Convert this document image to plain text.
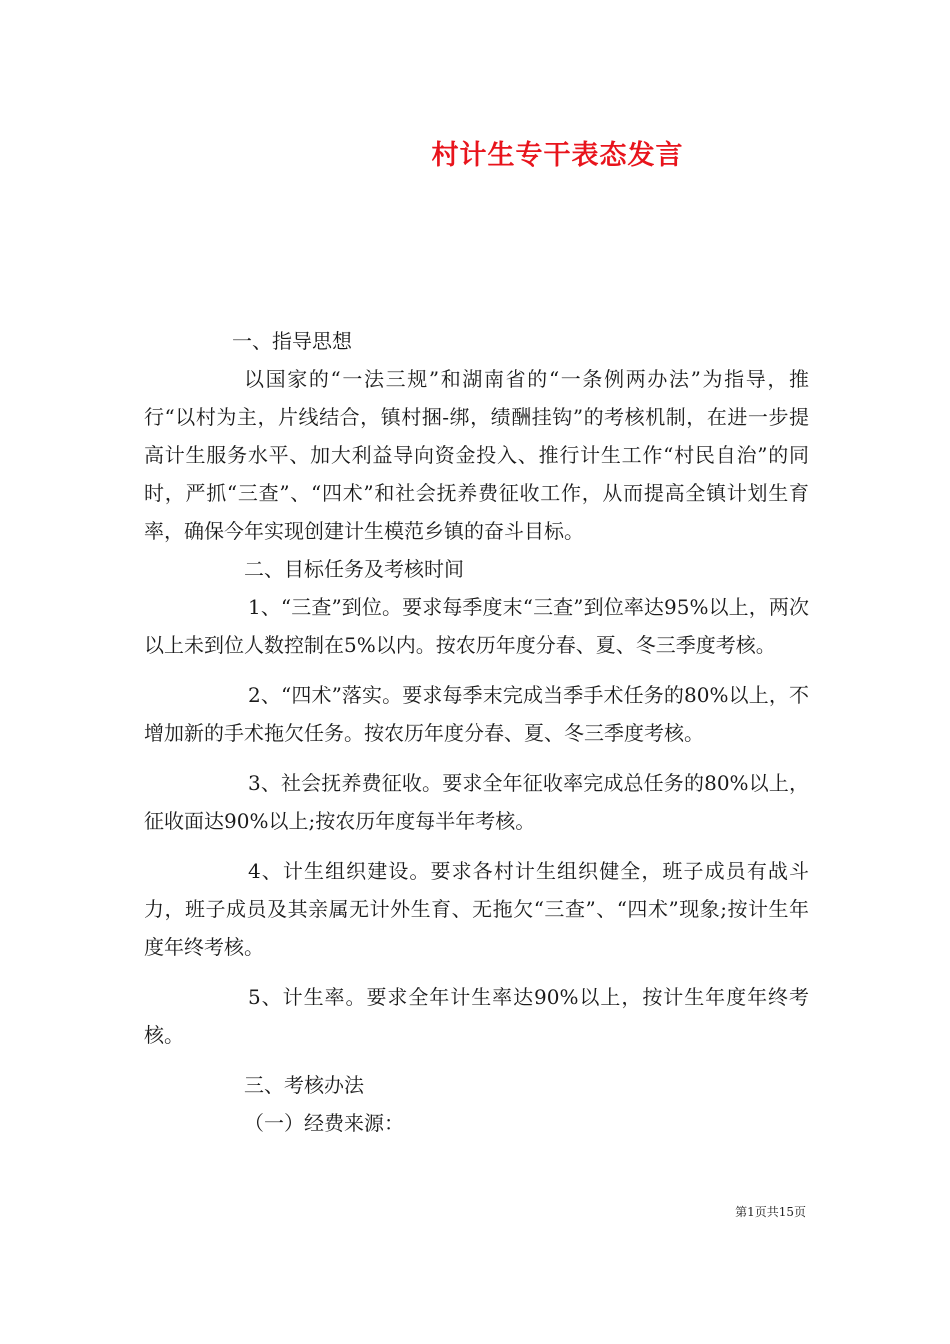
村计生专干表态发言

一、指导思想

以国家的“一法三规”和湖南省的“一条例两办法”为指导，推行“以村为主，片线结合，镇村捆-绑，绩酬挂钩”的考核机制，在进一步提高计生服务水平、加大利益导向资金投入、推行计生工作“村民自治”的同时，严抓“三查”、“四术”和社会抚养费征收工作，从而提高全镇计划生育率，确保今年实现创建计生模范乡镇的奋斗目标。

二、目标任务及考核时间

1、“三查”到位。要求每季度末“三查”到位率达95%以上，两次以上未到位人数控制在5%以内。按农历年度分春、夏、冬三季度考核。

2、“四术”落实。要求每季末完成当季手术任务的80%以上，不增加新的手术拖欠任务。按农历年度分春、夏、冬三季度考核。

3、社会抚养费征收。要求全年征收率完成总任务的80%以上，征收面达90%以上;按农历年度每半年考核。

4、计生组织建设。要求各村计生组织健全，班子成员有战斗力，班子成员及其亲属无计外生育、无拖欠“三查”、“四术”现象;按计生年度年终考核。

5、计生率。要求全年计生率达90%以上，按计生年度年终考核。

三、考核办法

（一）经费来源：

第1页共15页
